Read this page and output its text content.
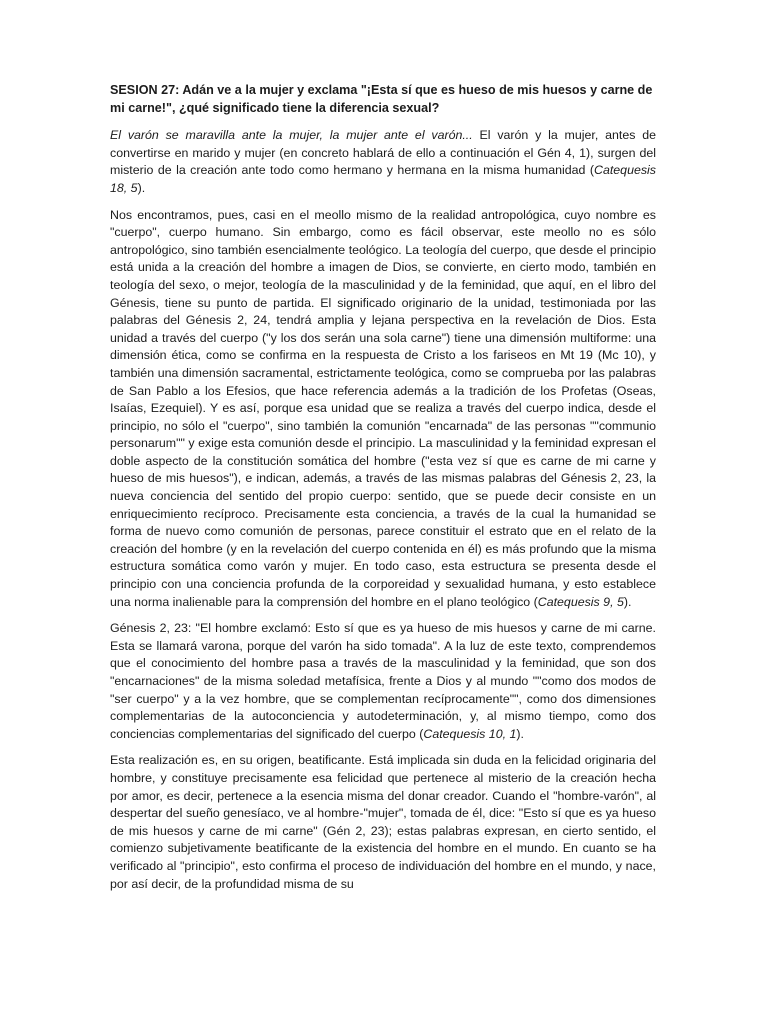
SESION 27: Adán ve a la mujer y exclama "¡Esta sí que es hueso de mis huesos y carne de mi carne!", ¿qué significado tiene la diferencia sexual?

El varón se maravilla ante la mujer, la mujer ante el varón... El varón y la mujer, antes de convertirse en marido y mujer (en concreto hablará de ello a continuación el Gén 4, 1), surgen del misterio de la creación ante todo como hermano y hermana en la misma humanidad (Catequesis 18, 5).

Nos encontramos, pues, casi en el meollo mismo de la realidad antropológica, cuyo nombre es "cuerpo", cuerpo humano. Sin embargo, como es fácil observar, este meollo no es sólo antropológico, sino también esencialmente teológico. La teología del cuerpo, que desde el principio está unida a la creación del hombre a imagen de Dios, se convierte, en cierto modo, también en teología del sexo, o mejor, teología de la masculinidad y de la feminidad, que aquí, en el libro del Génesis, tiene su punto de partida. El significado originario de la unidad, testimoniada por las palabras del Génesis 2, 24, tendrá amplia y lejana perspectiva en la revelación de Dios. Esta unidad a través del cuerpo ("y los dos serán una sola carne") tiene una dimensión multiforme: una dimensión ética, como se confirma en la respuesta de Cristo a los fariseos en Mt 19 (Mc 10), y también una dimensión sacramental, estrictamente teológica, como se comprueba por las palabras de San Pablo a los Efesios, que hace referencia además a la tradición de los Profetas (Oseas, Isaías, Ezequiel). Y es así, porque esa unidad que se realiza a través del cuerpo indica, desde el principio, no sólo el "cuerpo", sino también la comunión "encarnada" de las personas ""communio personarum"" y exige esta comunión desde el principio. La masculinidad y la feminidad expresan el doble aspecto de la constitución somática del hombre ("esta vez sí que es carne de mi carne y hueso de mis huesos"), e indican, además, a través de las mismas palabras del Génesis 2, 23, la nueva conciencia del sentido del propio cuerpo: sentido, que se puede decir consiste en un enriquecimiento recíproco. Precisamente esta conciencia, a través de la cual la humanidad se forma de nuevo como comunión de personas, parece constituir el estrato que en el relato de la creación del hombre (y en la revelación del cuerpo contenida en él) es más profundo que la misma estructura somática como varón y mujer. En todo caso, esta estructura se presenta desde el principio con una conciencia profunda de la corporeidad y sexualidad humana, y esto establece una norma inalienable para la comprensión del hombre en el plano teológico (Catequesis 9, 5).

Génesis 2, 23: "El hombre exclamó: Esto sí que es ya hueso de mis huesos y carne de mi carne. Esta se llamará varona, porque del varón ha sido tomada". A la luz de este texto, comprendemos que el conocimiento del hombre pasa a través de la masculinidad y la feminidad, que son dos "encarnaciones" de la misma soledad metafísica, frente a Dios y al mundo ""como dos modos de "ser cuerpo" y a la vez hombre, que se complementan recíprocamente"", como dos dimensiones complementarias de la autoconciencia y autodeterminación, y, al mismo tiempo, como dos conciencias complementarias del significado del cuerpo (Catequesis 10, 1).

Esta realización es, en su origen, beatificante. Está implicada sin duda en la felicidad originaria del hombre, y constituye precisamente esa felicidad que pertenece al misterio de la creación hecha por amor, es decir, pertenece a la esencia misma del donar creador. Cuando el "hombre-varón", al despertar del sueño genesíaco, ve al hombre-"mujer", tomada de él, dice: "Esto sí que es ya hueso de mis huesos y carne de mi carne" (Gén 2, 23); estas palabras expresan, en cierto sentido, el comienzo subjetivamente beatificante de la existencia del hombre en el mundo. En cuanto se ha verificado al "principio", esto confirma el proceso de individuación del hombre en el mundo, y nace, por así decir, de la profundidad misma de su
